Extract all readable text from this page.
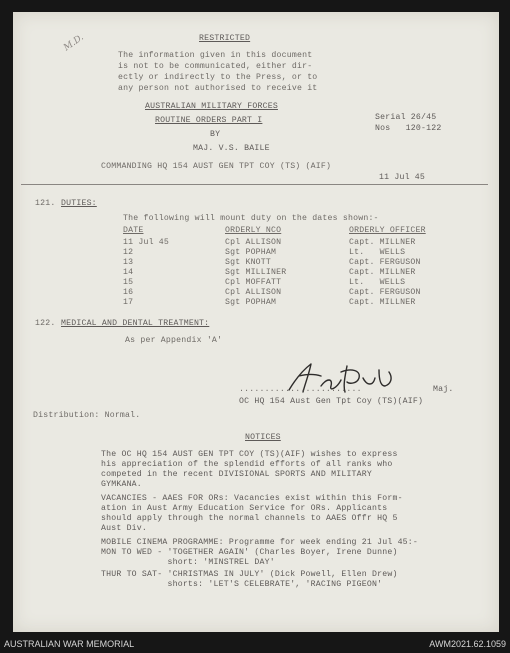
M.D.	RESTRICTED
The information given in this document
is not to be communicated, either dir-
ectly or indirectly to the Press, or to
any person not authorised to receive it
AUSTRALIAN MILITARY FORCES
ROUTINE ORDERS PART I
BY
MAJ. V.S. BAILE
COMMANDING HQ 154 AUST GEN TPT COY (TS) (AIF)
Serial 26/45
Nos   120-122
11 Jul 45
121. DUTIES:
The following will mount duty on the dates shown:-
DATE	ORDERLY NCO	ORDERLY OFFICER
11 Jul 45	Cpl ALLISON	Capt. MILLNER
12	Sgt POPHAM	Lt.   WELLS
13	Sgt KNOTT	Capt. FERGUSON
14	Sgt MILLINER	Capt. MILLNER
15	Cpl MOFFATT	Lt.   WELLS
16	Cpl ALLISON	Capt. FERGUSON
17	Sgt POPHAM	Capt. MILLNER
122. MEDICAL AND DENTAL TREATMENT:
As per Appendix 'A'
........................	Maj.
OC HQ 154 Aust Gen Tpt Coy (TS)(AIF)
Distribution: Normal.
NOTICES
The OC HQ 154 AUST GEN TPT COY (TS)(AIF) wishes to express
his appreciation of the splendid efforts of all ranks who
competed in the recent DIVISIONAL SPORTS AND MILITARY
GYMKANA.
VACANCIES - AAES FOR ORs: Vacancies exist within this Form-
ation in Aust Army Education Service for ORs. Applicants
should apply through the normal channels to AAES Offr HQ 5
Aust Div.
MOBILE CINEMA PROGRAMME: Programme for week ending 21 Jul 45:-
MON TO WED - 'TOGETHER AGAIN' (Charles Boyer, Irene Dunne)
short: 'MINSTREL DAY'
THUR TO SAT- 'CHRISTMAS IN JULY' (Dick Powell, Ellen Drew)
shorts: 'LET'S CELEBRATE', 'RACING PIGEON'
AUSTRALIAN WAR MEMORIAL	AWM2021.62.1059
